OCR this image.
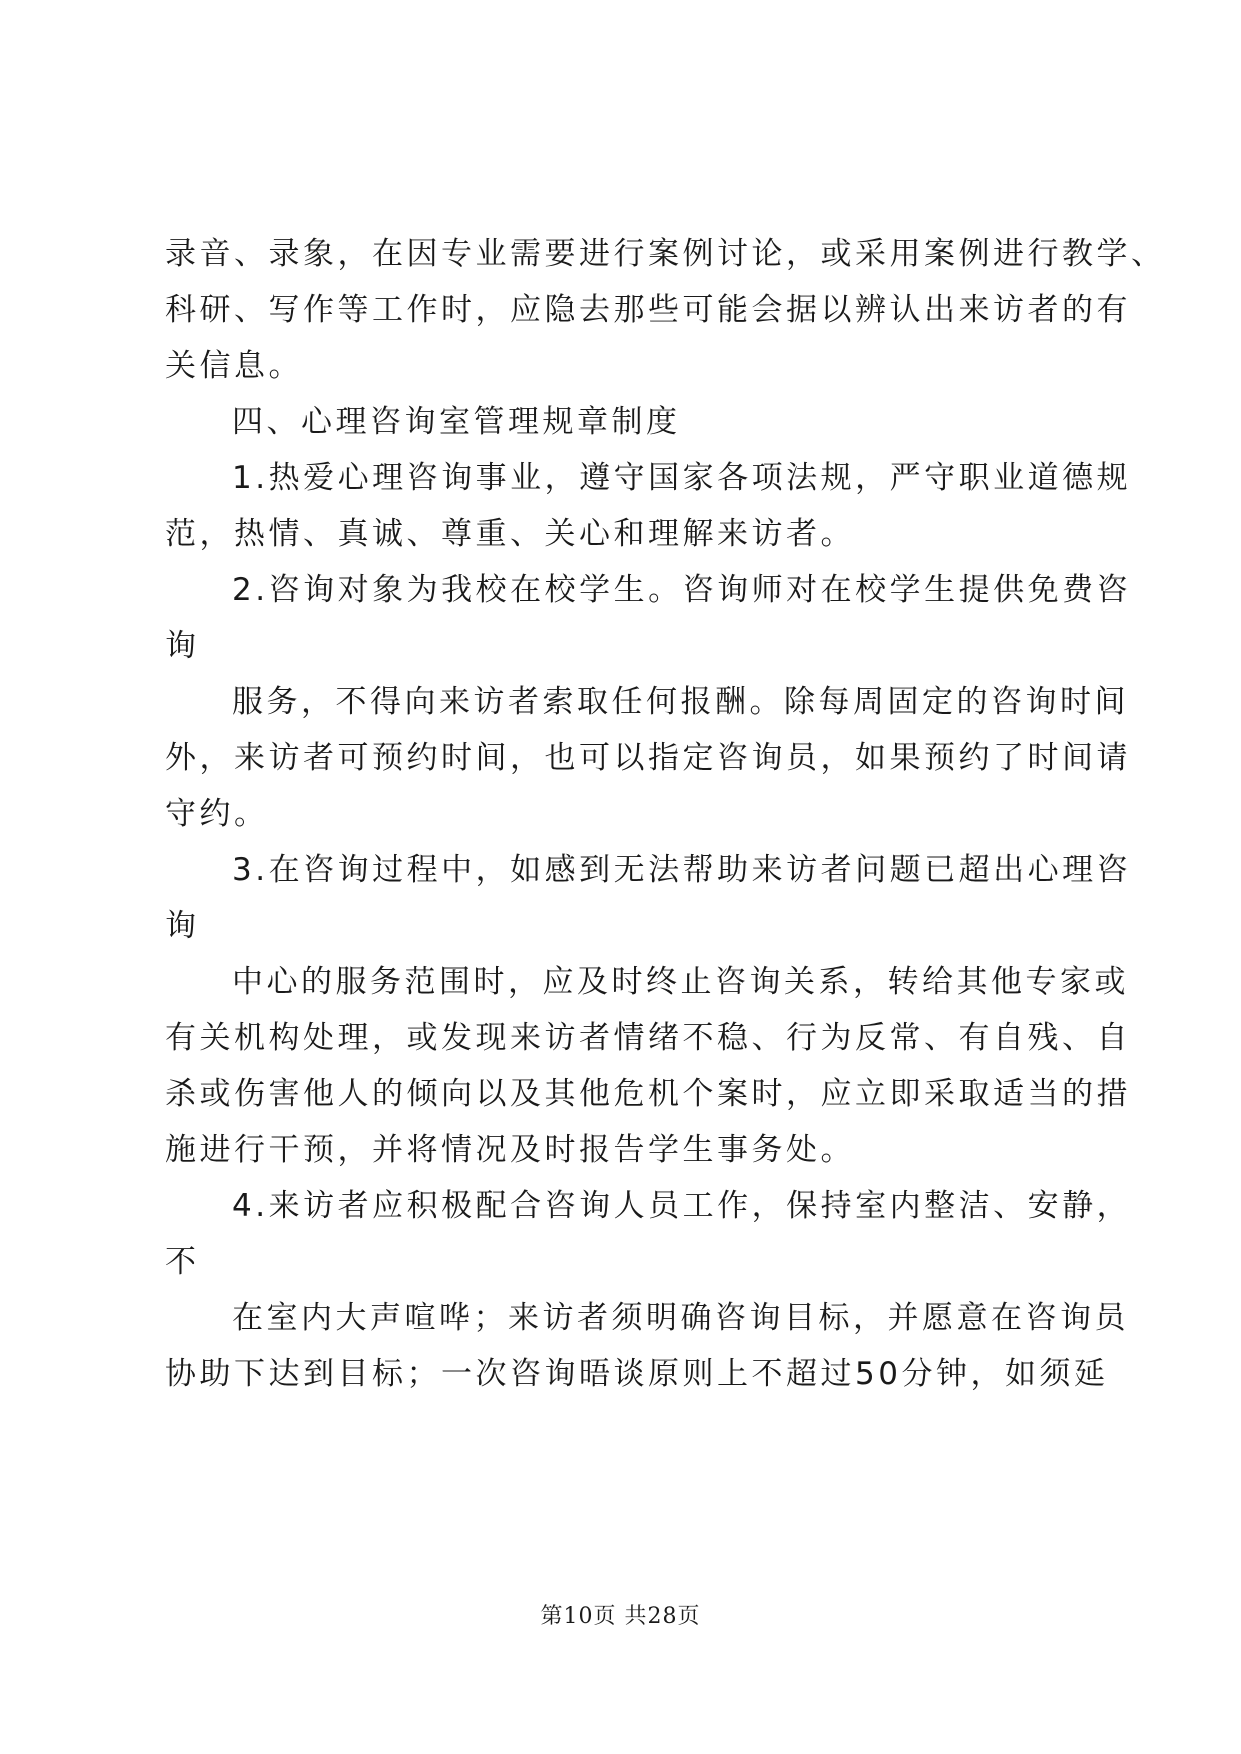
录音、录象，在因专业需要进行案例讨论，或采用案例进行教学、
科研、写作等工作时，应隐去那些可能会据以辨认出来访者的有
关信息。
四、心理咨询室管理规章制度
1.热爱心理咨询事业，遵守国家各项法规，严守职业道德规
范，热情、真诚、尊重、关心和理解来访者。
2.咨询对象为我校在校学生。咨询师对在校学生提供免费咨
询
服务，不得向来访者索取任何报酬。除每周固定的咨询时间
外，来访者可预约时间，也可以指定咨询员，如果预约了时间请
守约。
3.在咨询过程中，如感到无法帮助来访者问题已超出心理咨
询
中心的服务范围时，应及时终止咨询关系，转给其他专家或
有关机构处理，或发现来访者情绪不稳、行为反常、有自残、自
杀或伤害他人的倾向以及其他危机个案时，应立即采取适当的措
施进行干预，并将情况及时报告学生事务处。
4.来访者应积极配合咨询人员工作，保持室内整洁、安静，
不
在室内大声喧哗；来访者须明确咨询目标，并愿意在咨询员
协助下达到目标；一次咨询晤谈原则上不超过50分钟，如须延
第10页 共28页
